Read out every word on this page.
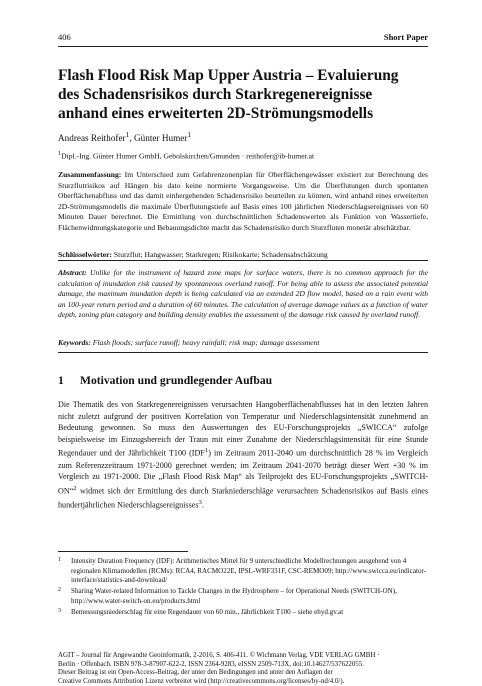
406	Short Paper
Flash Flood Risk Map Upper Austria – Evaluierung
des Schadensrisikos durch Starkregenereignisse
anhand eines erweiterten 2D-Strömungsmodells
Andreas Reithofer$^1$, Günter Humer$^1$
$^1$Dipl.-Ing. Günter Humer GmbH, Gebolskirchen/Gmunden · reithofer@ib-humer.at
Zusammenfassung: Im Unterschied zum Gefahrenzonenplan für Oberflächengewässer existiert zur Berechnung des Sturzflutrisikos auf Hängen bis dato keine normierte Vorgangsweise. Um die Überflutungen durch spontanen Oberflächenabfluss und das damit einhergehenden Schadensrisiko beurteilen zu können, wird anhand eines erweiterten 2D-Strömungsmodells die maximale Überflutungstiefe auf Basis eines 100 jährlichen Niederschlagsereignisses von 60 Minuten Dauer berechnet. Die Ermittlung von durchschnittlichen Schadenswerten als Funktion von Wassertiefe, Flächenwidmungskategorie und Bebauungsdichte macht das Schadensrisiko durch Sturzfluten monetär abschätzbar.
Schlüsselwörter: Sturzflut; Hangwasser; Starkregen; Risikokarte; Schadensabschätzung
Abstract: Unlike for the instrument of hazard zone maps for surface waters, there is no common approach for the calculation of inundation risk caused by spontaneous overland runoff. For being able to assess the associated potential damage, the maximum inundation depth is being calculated via an extended 2D flow model, based on a rain event with an 100-year return period and a duration of 60 minutes. The calculation of average damage values as a function of water depth, zoning plan category and building density enables the assessment of the damage risk caused by overland runoff.
Keywords: Flash floods; surface runoff; heavy rainfall; risk map; damage assessment
1 Motivation und grundlegender Aufbau
Die Thematik des von Starkregenereignissen verursachten Hangoberflächenabflusses hat in den letzten Jahren nicht zuletzt aufgrund der positiven Korrelation von Temperatur und Niederschlagsintensität zunehmend an Bedeutung gewonnen. So muss den Auswertungen des EU-Forschungsprojekts „SWICCA“ zufolge beispielsweise im Einzugsbereich der Traun mit einer Zunahme der Niederschlagsintensität für eine Stunde Regendauer und der Jährlichkeit T100 (IDF$^1$) im Zeitraum 2011-2040 um durchschnittlich 28 % im Vergleich zum Referenzzeitraum 1971-2000 gerechnet werden; im Zeitraum 2041-2070 beträgt dieser Wert +30 % im Vergleich zu 1971-2000. Die „Flash Flood Risk Map“ als Teilprojekt des EU-Forschungsprojekts „SWITCH-ON“$^2$ widmet sich der Ermittlung des durch Starkniederschläge verursachten Schadensrisikos auf Basis eines hundertjährlichen Niederschlagsereignisses$^3$.
1 Intensity Duration Frequency (IDF): Arithmetisches Mittel für 9 unterschiedliche Modellrechnungen ausgehend von 4 regionalen Klimamodellen (RCMs): RCA4, RACMO22E, IPSL-WRF331F, CSC-REMO09; http://www.swicca.eu/indicator-interface/statistics-and-download/
2 Sharing Water-related Information to Tackle Changes in the Hydrosphere – for Operational Needs (SWITCH-ON), http://www.water-switch-on.eu/products.html
3 Bemessungsniederschlag für eine Regendauer von 60 min., Jährlichkeit T100 – siehe ehyd.gv.at
AGIT – Journal für Angewandte Geoinformatik, 2-2016, S. 406-411. © Wichmann Verlag, VDE VERLAG GMBH ·
Berlin · Offenbach. ISBN 978-3-87907-622-2, ISSN 2364-9283, eISSN 2509-713X, doi:10.14627/537622055.
Dieser Beitrag ist ein Open-Access-Beitrag, der unter den Bedingungen und unter den Auflagen der
Creative Commons Attribution Lizenz verbreitet wird (http://creativecommons.org/licenses/by-nd/4.0/).
